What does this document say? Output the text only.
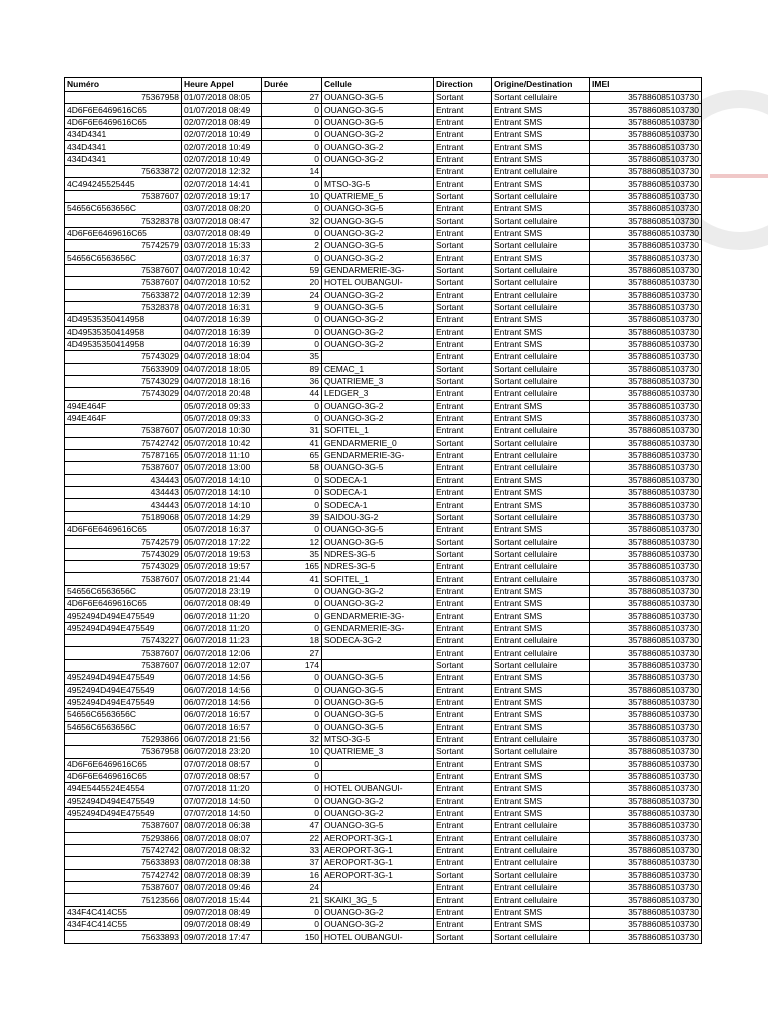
Numéro	Heure Appel	Durée	Cellule	Direction	Origine/Destination	IMEI
75367958	01/07/2018 08:05	27	OUANGO-3G-5	Sortant	Sortant cellulaire	357886085103730
4D6F6E6469616C65	01/07/2018 08:49	0	OUANGO-3G-5	Entrant	Entrant SMS	357886085103730
4D6F6E6469616C65	02/07/2018 08:49	0	OUANGO-3G-5	Entrant	Entrant SMS	357886085103730
434D4341	02/07/2018 10:49	0	OUANGO-3G-2	Entrant	Entrant SMS	357886085103730
434D4341	02/07/2018 10:49	0	OUANGO-3G-2	Entrant	Entrant SMS	357886085103730
434D4341	02/07/2018 10:49	0	OUANGO-3G-2	Entrant	Entrant SMS	357886085103730
75633872	02/07/2018 12:32	14		Entrant	Entrant cellulaire	357886085103730
4C494245525445	02/07/2018 14:41	0	MTSO-3G-5	Entrant	Entrant SMS	357886085103730
75387607	02/07/2018 19:17	10	QUATRIEME_5	Sortant	Sortant cellulaire	357886085103730
54656C6563656C	03/07/2018 08:20	0	OUANGO-3G-5	Entrant	Entrant SMS	357886085103730
75328378	03/07/2018 08:47	32	OUANGO-3G-5	Sortant	Sortant cellulaire	357886085103730
4D6F6E6469616C65	03/07/2018 08:49	0	OUANGO-3G-2	Entrant	Entrant SMS	357886085103730
75742579	03/07/2018 15:33	2	OUANGO-3G-5	Sortant	Sortant cellulaire	357886085103730
54656C6563656C	03/07/2018 16:37	0	OUANGO-3G-2	Entrant	Entrant SMS	357886085103730
75387607	04/07/2018 10:42	59	GENDARMERIE-3G-	Sortant	Sortant cellulaire	357886085103730
75387607	04/07/2018 10:52	20	HOTEL OUBANGUI-	Sortant	Sortant cellulaire	357886085103730
75633872	04/07/2018 12:39	24	OUANGO-3G-2	Entrant	Entrant cellulaire	357886085103730
75328378	04/07/2018 16:31	9	OUANGO-3G-5	Sortant	Sortant cellulaire	357886085103730
4D49535350414958	04/07/2018 16:39	0	OUANGO-3G-2	Entrant	Entrant SMS	357886085103730
4D49535350414958	04/07/2018 16:39	0	OUANGO-3G-2	Entrant	Entrant SMS	357886085103730
4D49535350414958	04/07/2018 16:39	0	OUANGO-3G-2	Entrant	Entrant SMS	357886085103730
75743029	04/07/2018 18:04	35		Entrant	Entrant cellulaire	357886085103730
75633909	04/07/2018 18:05	89	CEMAC_1	Sortant	Sortant cellulaire	357886085103730
75743029	04/07/2018 18:16	36	QUATRIEME_3	Sortant	Sortant cellulaire	357886085103730
75743029	04/07/2018 20:48	44	LEDGER_3	Entrant	Entrant cellulaire	357886085103730
494E464F	05/07/2018 09:33	0	OUANGO-3G-2	Entrant	Entrant SMS	357886085103730
494E464F	05/07/2018 09:33	0	OUANGO-3G-2	Entrant	Entrant SMS	357886085103730
75387607	05/07/2018 10:30	31	SOFITEL_1	Entrant	Entrant cellulaire	357886085103730
75742742	05/07/2018 10:42	41	GENDARMERIE_0	Sortant	Sortant cellulaire	357886085103730
75787165	05/07/2018 11:10	65	GENDARMERIE-3G-	Entrant	Entrant cellulaire	357886085103730
75387607	05/07/2018 13:00	58	OUANGO-3G-5	Entrant	Entrant cellulaire	357886085103730
434443	05/07/2018 14:10	0	SODECA-1	Entrant	Entrant SMS	357886085103730
434443	05/07/2018 14:10	0	SODECA-1	Entrant	Entrant SMS	357886085103730
434443	05/07/2018 14:10	0	SODECA-1	Entrant	Entrant SMS	357886085103730
75189068	05/07/2018 14:29	39	SAIDOU-3G-2	Sortant	Sortant cellulaire	357886085103730
4D6F6E6469616C65	05/07/2018 16:37	0	OUANGO-3G-5	Entrant	Entrant SMS	357886085103730
75742579	05/07/2018 17:22	12	OUANGO-3G-5	Sortant	Sortant cellulaire	357886085103730
75743029	05/07/2018 19:53	35	NDRES-3G-5	Sortant	Sortant cellulaire	357886085103730
75743029	05/07/2018 19:57	165	NDRES-3G-5	Entrant	Entrant cellulaire	357886085103730
75387607	05/07/2018 21:44	41	SOFITEL_1	Entrant	Entrant cellulaire	357886085103730
54656C6563656C	05/07/2018 23:19	0	OUANGO-3G-2	Entrant	Entrant SMS	357886085103730
4D6F6E6469616C65	06/07/2018 08:49	0	OUANGO-3G-2	Entrant	Entrant SMS	357886085103730
4952494D494E475549	06/07/2018 11:20	0	GENDARMERIE-3G-	Entrant	Entrant SMS	357886085103730
4952494D494E475549	06/07/2018 11:20	0	GENDARMERIE-3G-	Entrant	Entrant SMS	357886085103730
75743227	06/07/2018 11:23	18	SODECA-3G-2	Entrant	Entrant cellulaire	357886085103730
75387607	06/07/2018 12:06	27		Entrant	Entrant cellulaire	357886085103730
75387607	06/07/2018 12:07	174		Sortant	Sortant cellulaire	357886085103730
4952494D494E475549	06/07/2018 14:56	0	OUANGO-3G-5	Entrant	Entrant SMS	357886085103730
4952494D494E475549	06/07/2018 14:56	0	OUANGO-3G-5	Entrant	Entrant SMS	357886085103730
4952494D494E475549	06/07/2018 14:56	0	OUANGO-3G-5	Entrant	Entrant SMS	357886085103730
54656C6563656C	06/07/2018 16:57	0	OUANGO-3G-5	Entrant	Entrant SMS	357886085103730
54656C6563656C	06/07/2018 16:57	0	OUANGO-3G-5	Entrant	Entrant SMS	357886085103730
75293866	06/07/2018 21:56	32	MTSO-3G-5	Entrant	Entrant cellulaire	357886085103730
75367958	06/07/2018 23:20	10	QUATRIEME_3	Sortant	Sortant cellulaire	357886085103730
4D6F6E6469616C65	07/07/2018 08:57	0		Entrant	Entrant SMS	357886085103730
4D6F6E6469616C65	07/07/2018 08:57	0		Entrant	Entrant SMS	357886085103730
494E5445524E4554	07/07/2018 11:20	0	HOTEL OUBANGUI-	Entrant	Entrant SMS	357886085103730
4952494D494E475549	07/07/2018 14:50	0	OUANGO-3G-2	Entrant	Entrant SMS	357886085103730
4952494D494E475549	07/07/2018 14:50	0	OUANGO-3G-2	Entrant	Entrant SMS	357886085103730
75387607	08/07/2018 06:38	47	OUANGO-3G-5	Entrant	Entrant cellulaire	357886085103730
75293866	08/07/2018 08:07	22	AEROPORT-3G-1	Entrant	Entrant cellulaire	357886085103730
75742742	08/07/2018 08:32	33	AEROPORT-3G-1	Entrant	Entrant cellulaire	357886085103730
75633893	08/07/2018 08:38	37	AEROPORT-3G-1	Entrant	Entrant cellulaire	357886085103730
75742742	08/07/2018 08:39	16	AEROPORT-3G-1	Sortant	Sortant cellulaire	357886085103730
75387607	08/07/2018 09:46	24		Entrant	Entrant cellulaire	357886085103730
75123566	08/07/2018 15:44	21	SKAIKI_3G_5	Entrant	Entrant cellulaire	357886085103730
434F4C414C55	09/07/2018 08:49	0	OUANGO-3G-2	Entrant	Entrant SMS	357886085103730
434F4C414C55	09/07/2018 08:49	0	OUANGO-3G-2	Entrant	Entrant SMS	357886085103730
75633893	09/07/2018 17:47	150	HOTEL OUBANGUI-	Sortant	Sortant cellulaire	357886085103730
